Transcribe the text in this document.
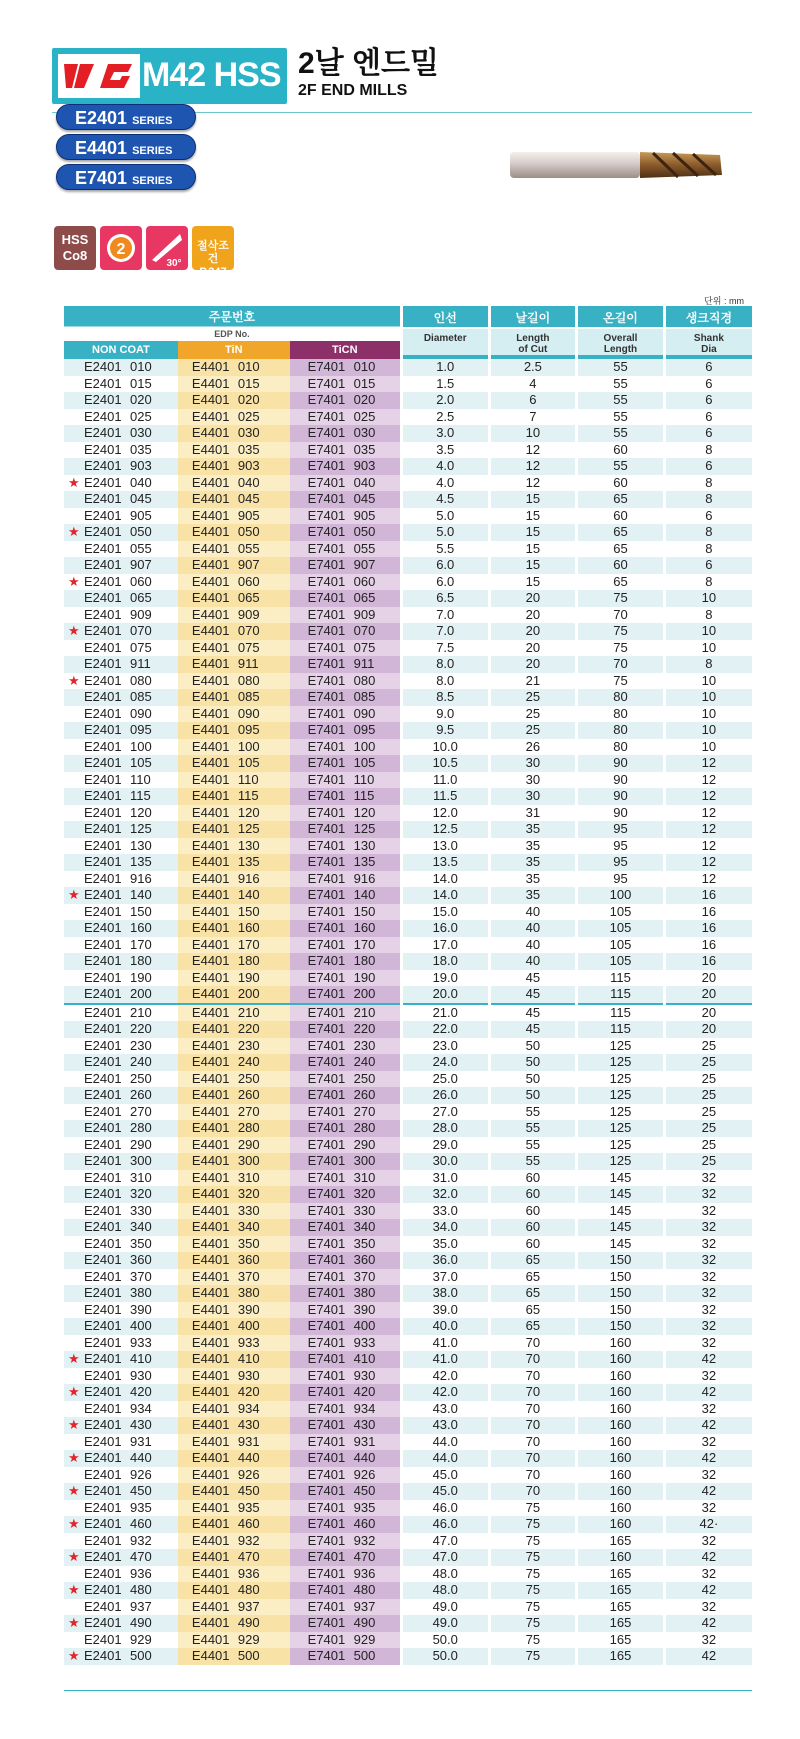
M42 HSS 2날 엔드밀
2F END MILLS
E2401 SERIES
E4401 SERIES
E7401 SERIES
HSS
Co8	2
30°
절삭조건
P.247
단위 : mm
주문번호			인선
Diameter	날길이
Length
of Cut	온길이
Overall
Length	생크직경
Shank
Dia

EDP No.						
NON COAT	TiN	TiCN				
E2401 010	E4401 010	E7401 010	1.0	2.5	55	6
E2401 015	E4401 015	E7401 015	1.5	4	55	6
E2401 020	E4401 020	E7401 020	2.0	6	55	6
E2401 025	E4401 025	E7401 025	2.5	7	55	6
E2401 030	E4401 030	E7401 030	3.0	10	55	6
E2401 035	E4401 035	E7401 035	3.5	12	60	8
E2401 903	E4401 903	E7401 903	4.0	12	55	6

★ E2401 040	E4401 040	E7401 040	4.0	12	60	8
E2401 045	E4401 045	E7401 045	4.5	15	65	8
E2401 905	E4401 905	E7401 905	5.0	15	60	6

★ E2401 050	E4401 050	E7401 050	5.0	15	65	8
E2401 055	E4401 055	E7401 055	5.5	15	65	8
E2401 907	E4401 907	E7401 907	6.0	15	60	6

★ E2401 060	E4401 060	E7401 060	6.0	15	65	8
E2401 065	E4401 065	E7401 065	6.5	20	75	10
E2401 909	E4401 909	E7401 909	7.0	20	70	8

★ E2401 070	E4401 070	E7401 070	7.0	20	75	10
E2401 075	E4401 075	E7401 075	7.5	20	75	10
E2401 911	E4401 911	E7401 911	8.0	20	70	8

★ E2401 080	E4401 080	E7401 080	8.0	21	75	10
E2401 085	E4401 085	E7401 085	8.5	25	80	10
E2401 090	E4401 090	E7401 090	9.0	25	80	10
E2401 095	E4401 095	E7401 095	9.5	25	80	10
E2401 100	E4401 100	E7401 100	10.0	26	80	10
E2401 105	E4401 105	E7401 105	10.5	30	90	12
E2401 110	E4401 110	E7401 110	11.0	30	90	12
E2401 115	E4401 115	E7401 115	11.5	30	90	12
E2401 120	E4401 120	E7401 120	12.0	31	90	12
E2401 125	E4401 125	E7401 125	12.5	35	95	12
E2401 130	E4401 130	E7401 130	13.0	35	95	12
E2401 135	E4401 135	E7401 135	13.5	35	95	12
E2401 916	E4401 916	E7401 916	14.0	35	95	12

★ E2401 140	E4401 140	E7401 140	14.0	35	100	16
E2401 150	E4401 150	E7401 150	15.0	40	105	16
E2401 160	E4401 160	E7401 160	16.0	40	105	16
E2401 170	E4401 170	E7401 170	17.0	40	105	16
E2401 180	E4401 180	E7401 180	18.0	40	105	16
E2401 190	E4401 190	E7401 190	19.0	45	115	20
E2401 200	E4401 200	E7401 200	20.0	45	115	20
E2401 210	E4401 210	E7401 210	21.0	45	115	20
E2401 220	E4401 220	E7401 220	22.0	45	115	20
E2401 230	E4401 230	E7401 230	23.0	50	125	25
E2401 240	E4401 240	E7401 240	24.0	50	125	25
E2401 250	E4401 250	E7401 250	25.0	50	125	25
E2401 260	E4401 260	E7401 260	26.0	50	125	25
E2401 270	E4401 270	E7401 270	27.0	55	125	25
E2401 280	E4401 280	E7401 280	28.0	55	125	25
E2401 290	E4401 290	E7401 290	29.0	55	125	25
E2401 300	E4401 300	E7401 300	30.0	55	125	25
E2401 310	E4401 310	E7401 310	31.0	60	145	32
E2401 320	E4401 320	E7401 320	32.0	60	145	32
E2401 330	E4401 330	E7401 330	33.0	60	145	32
E2401 340	E4401 340	E7401 340	34.0	60	145	32
E2401 350	E4401 350	E7401 350	35.0	60	145	32
E2401 360	E4401 360	E7401 360	36.0	65	150	32
E2401 370	E4401 370	E7401 370	37.0	65	150	32
E2401 380	E4401 380	E7401 380	38.0	65	150	32
E2401 390	E4401 390	E7401 390	39.0	65	150	32
E2401 400	E4401 400	E7401 400	40.0	65	150	32
E2401 933	E4401 933	E7401 933	41.0	70	160	32

★ E2401 410	E4401 410	E7401 410	41.0	70	160	42
E2401 930	E4401 930	E7401 930	42.0	70	160	32

★ E2401 420	E4401 420	E7401 420	42.0	70	160	42
E2401 934	E4401 934	E7401 934	43.0	70	160	32

★ E2401 430	E4401 430	E7401 430	43.0	70	160	42
E2401 931	E4401 931	E7401 931	44.0	70	160	32

★ E2401 440	E4401 440	E7401 440	44.0	70	160	42
E2401 926	E4401 926	E7401 926	45.0	70	160	32

★ E2401 450	E4401 450	E7401 450	45.0	70	160	42
E2401 935	E4401 935	E7401 935	46.0	75	160	32

★ E2401 460	E4401 460	E7401 460	46.0	75	160	42·
E2401 932	E4401 932	E7401 932	47.0	75	165	32

★ E2401 470	E4401 470	E7401 470	47.0	75	160	42
E2401 936	E4401 936	E7401 936	48.0	75	165	32

★ E2401 480	E4401 480	E7401 480	48.0	75	165	42
E2401 937	E4401 937	E7401 937	49.0	75	165	32

★ E2401 490	E4401 490	E7401 490	49.0	75	165	42
E2401 929	E4401 929	E7401 929	50.0	75	165	32

★ E2401 500	E4401 500	E7401 500	50.0	75	165	42
